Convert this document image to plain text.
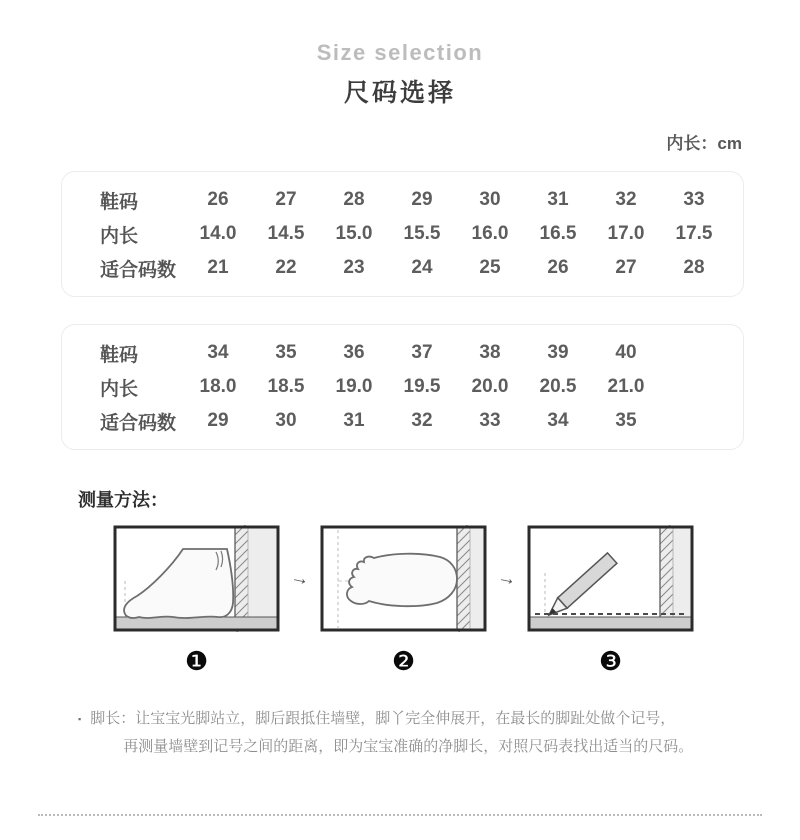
Size selection
尺码选择
内长：cm
鞋码	26	27	28	29	30	31	32	33
内长	14.0	14.5	15.0	15.5	16.0	16.5	17.0	17.5
适合码数	21	22	23	24	25	26	27	28
鞋码	34	35	36	37	38	39	40
内长	18.0	18.5	19.0	19.5	20.0	20.5	21.0
适合码数	29	30	31	32	33	34	35
测量方法：
→	→
❶	❷	❸
▪ 脚长：让宝宝光脚站立，脚后跟抵住墙壁，脚丫完全伸展开，在最长的脚趾处做个记号，
再测量墙壁到记号之间的距离，即为宝宝准确的净脚长，对照尺码表找出适当的尺码。
